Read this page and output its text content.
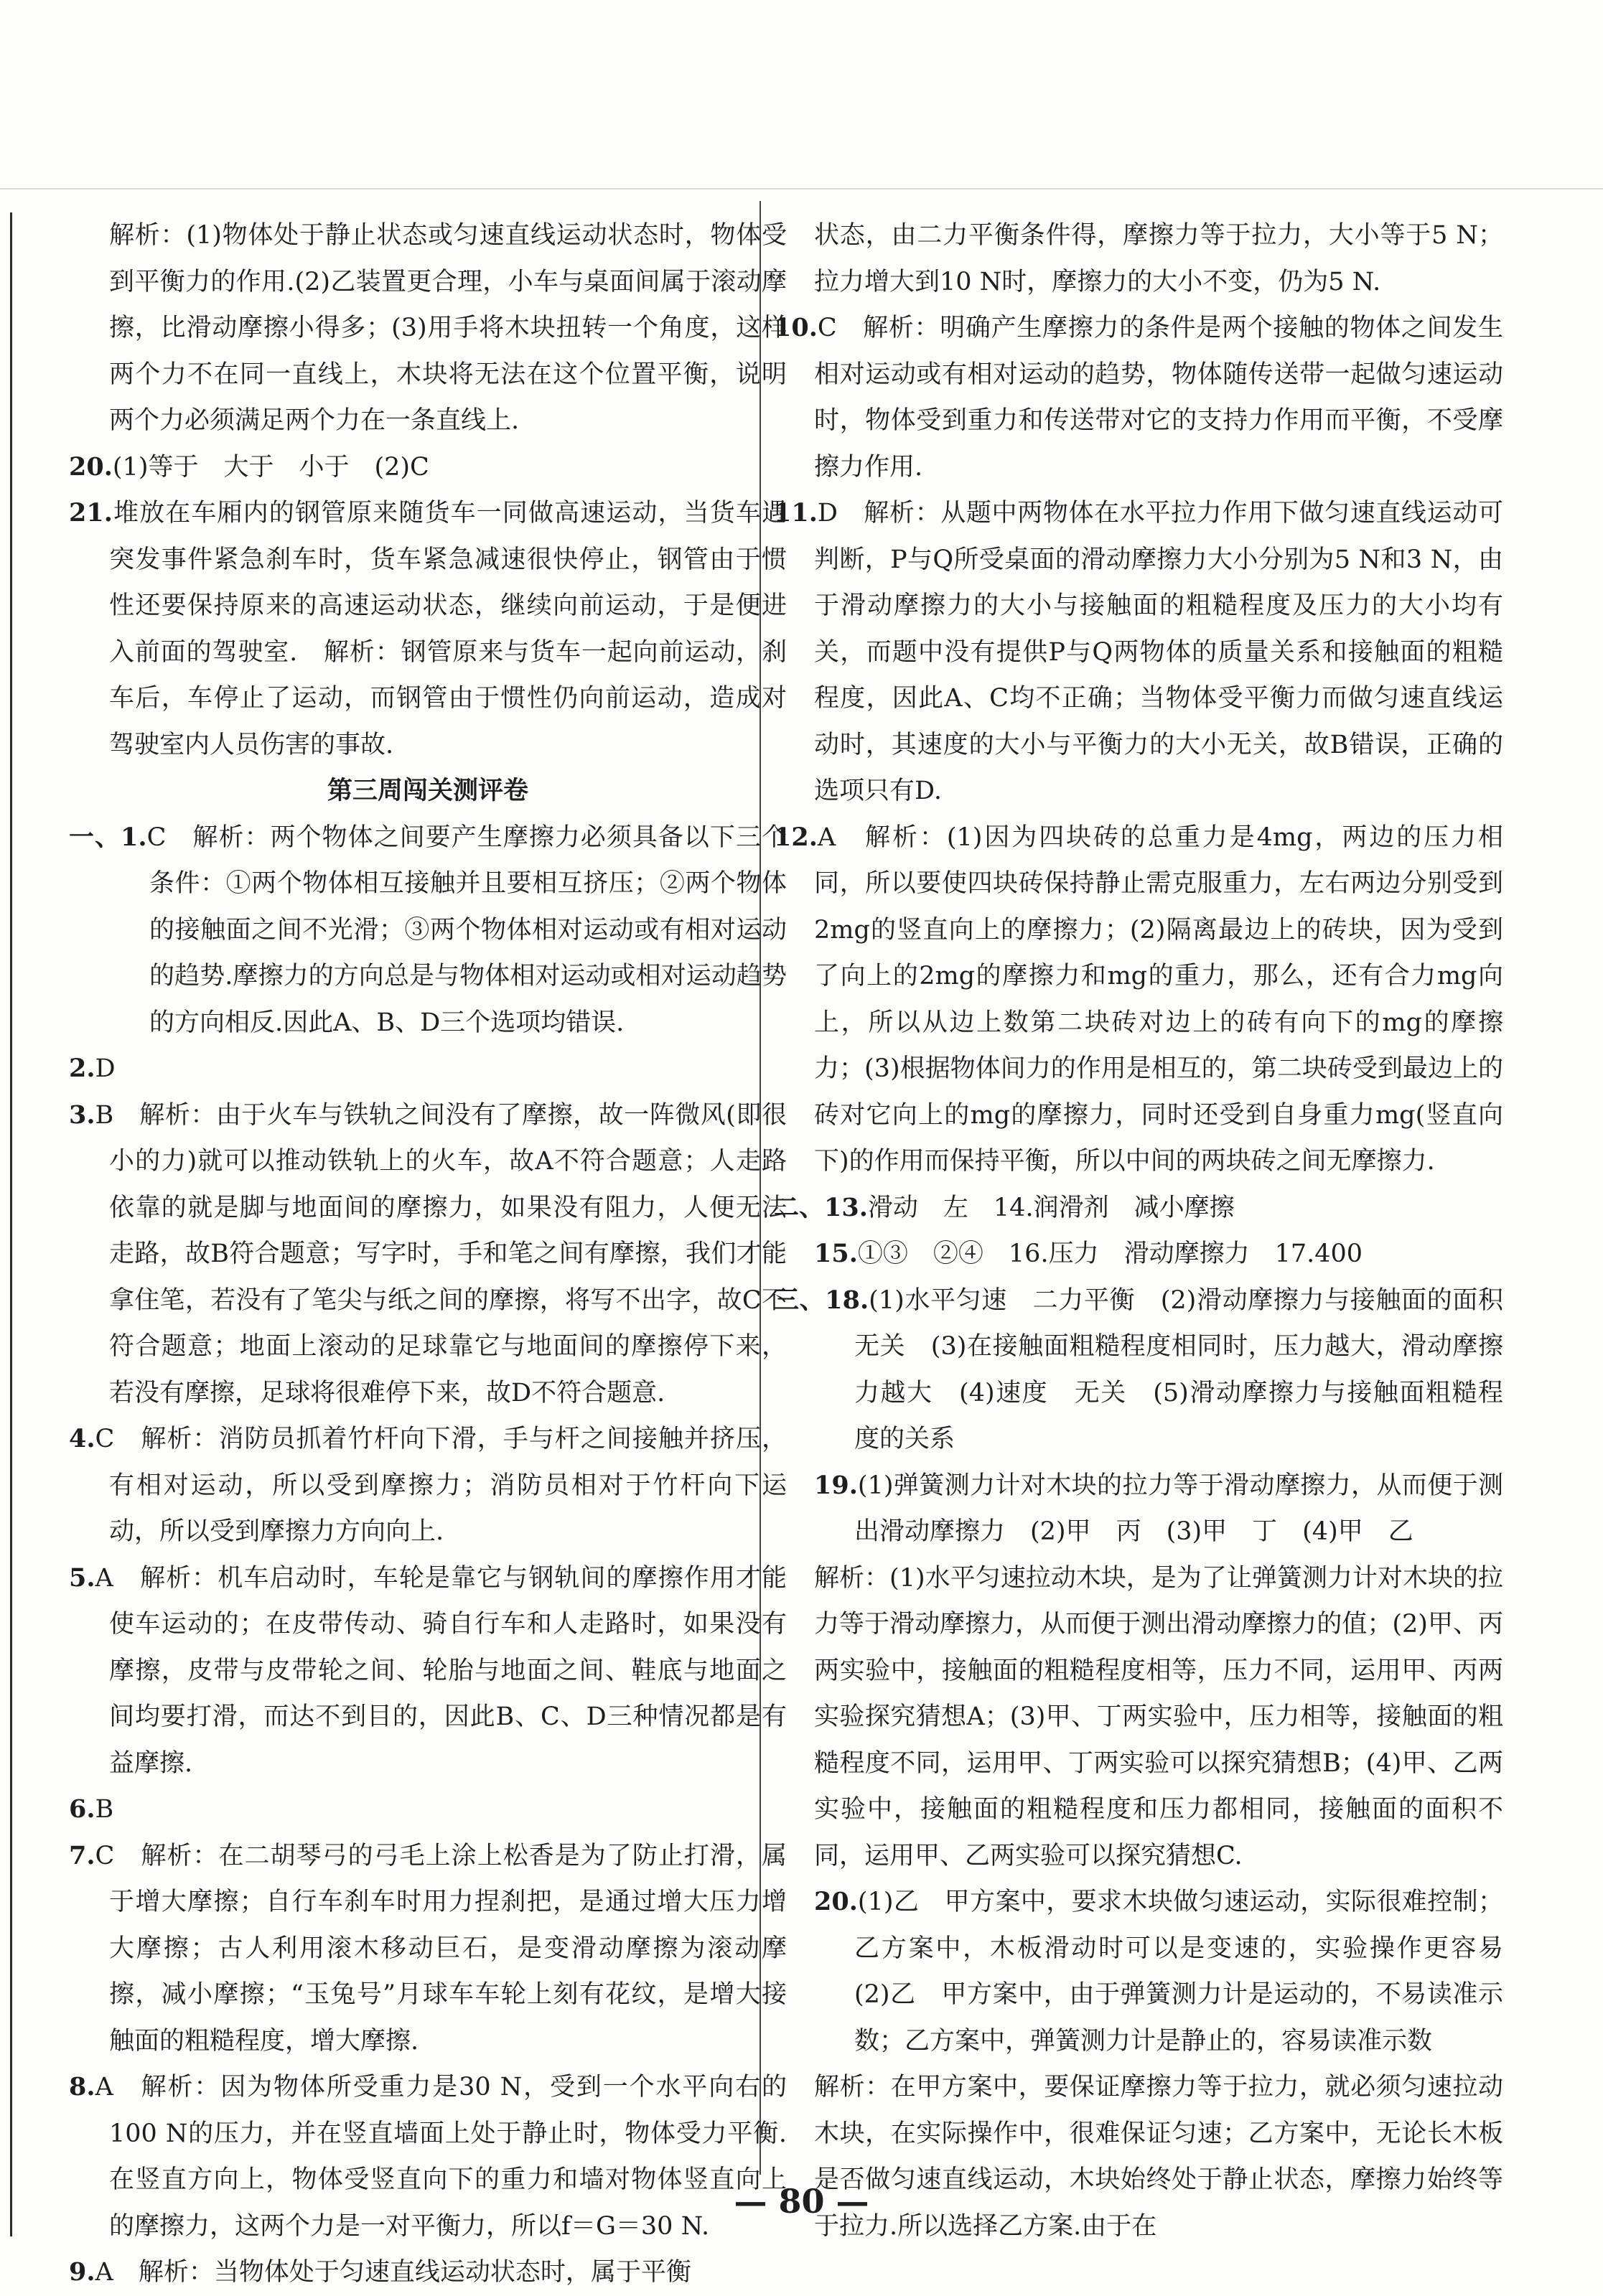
解析：(1)物体处于静止状态或匀速直线运动状态时，物体受到平衡力的作用.(2)乙装置更合理，小车与桌面间属于滚动摩擦，比滑动摩擦小得多；(3)用手将木块扭转一个角度，这样两个力不在同一直线上，木块将无法在这个位置平衡，说明两个力必须满足两个力在一条直线上.

20.(1)等于　大于　小于　(2)C

21.堆放在车厢内的钢管原来随货车一同做高速运动，当货车遇突发事件紧急刹车时，货车紧急减速很快停止，钢管由于惯性还要保持原来的高速运动状态，继续向前运动，于是便进入前面的驾驶室.　解析：钢管原来与货车一起向前运动，刹车后，车停止了运动，而钢管由于惯性仍向前运动，造成对驾驶室内人员伤害的事故.

第三周闯关测评卷

一、1.C　解析：两个物体之间要产生摩擦力必须具备以下三个条件：①两个物体相互接触并且要相互挤压；②两个物体的接触面之间不光滑；③两个物体相对运动或有相对运动的趋势.摩擦力的方向总是与物体相对运动或相对运动趋势的方向相反.因此A、B、D三个选项均错误.

2.D

3.B　解析：由于火车与铁轨之间没有了摩擦，故一阵微风(即很小的力)就可以推动铁轨上的火车，故A不符合题意；人走路依靠的就是脚与地面间的摩擦力，如果没有阻力，人便无法走路，故B符合题意；写字时，手和笔之间有摩擦，我们才能拿住笔，若没有了笔尖与纸之间的摩擦，将写不出字，故C不符合题意；地面上滚动的足球靠它与地面间的摩擦停下来，若没有摩擦，足球将很难停下来，故D不符合题意.

4.C　解析：消防员抓着竹杆向下滑，手与杆之间接触并挤压，有相对运动，所以受到摩擦力；消防员相对于竹杆向下运动，所以受到摩擦力方向向上.

5.A　解析：机车启动时，车轮是靠它与钢轨间的摩擦作用才能使车运动的；在皮带传动、骑自行车和人走路时，如果没有摩擦，皮带与皮带轮之间、轮胎与地面之间、鞋底与地面之间均要打滑，而达不到目的，因此B、C、D三种情况都是有益摩擦.

6.B

7.C　解析：在二胡琴弓的弓毛上涂上松香是为了防止打滑，属于增大摩擦；自行车刹车时用力捏刹把，是通过增大压力增大摩擦；古人利用滚木移动巨石，是变滑动摩擦为滚动摩擦，减小摩擦；“玉兔号”月球车车轮上刻有花纹，是增大接触面的粗糙程度，增大摩擦.

8.A　解析：因为物体所受重力是30 N，受到一个水平向右的100 N的压力，并在竖直墙面上处于静止时，物体受力平衡.在竖直方向上，物体受竖直向下的重力和墙对物体竖直向上的摩擦力，这两个力是一对平衡力，所以f＝G＝30 N.

9.A　解析：当物体处于匀速直线运动状态时，属于平衡

状态，由二力平衡条件得，摩擦力等于拉力，大小等于5 N；拉力增大到10 N时，摩擦力的大小不变，仍为5 N.

10.C　解析：明确产生摩擦力的条件是两个接触的物体之间发生相对运动或有相对运动的趋势，物体随传送带一起做匀速运动时，物体受到重力和传送带对它的支持力作用而平衡，不受摩擦力作用.

11.D　解析：从题中两物体在水平拉力作用下做匀速直线运动可判断，P与Q所受桌面的滑动摩擦力大小分别为5 N和3 N，由于滑动摩擦力的大小与接触面的粗糙程度及压力的大小均有关，而题中没有提供P与Q两物体的质量关系和接触面的粗糙程度，因此A、C均不正确；当物体受平衡力而做匀速直线运动时，其速度的大小与平衡力的大小无关，故B错误，正确的选项只有D.

12.A　解析：(1)因为四块砖的总重力是4mg，两边的压力相同，所以要使四块砖保持静止需克服重力，左右两边分别受到2mg的竖直向上的摩擦力；(2)隔离最边上的砖块，因为受到了向上的2mg的摩擦力和mg的重力，那么，还有合力mg向上，所以从边上数第二块砖对边上的砖有向下的mg的摩擦力；(3)根据物体间力的作用是相互的，第二块砖受到最边上的砖对它向上的mg的摩擦力，同时还受到自身重力mg(竖直向下)的作用而保持平衡，所以中间的两块砖之间无摩擦力.

二、13.滑动　左　14.润滑剂　减小摩擦

15.①③　②④　16.压力　滑动摩擦力　17.400

三、18.(1)水平匀速　二力平衡　(2)滑动摩擦力与接触面的面积无关　(3)在接触面粗糙程度相同时，压力越大，滑动摩擦力越大　(4)速度　无关　(5)滑动摩擦力与接触面粗糙程度的关系

19.(1)弹簧测力计对木块的拉力等于滑动摩擦力，从而便于测出滑动摩擦力　(2)甲　丙　(3)甲　丁　(4)甲　乙

解析：(1)水平匀速拉动木块，是为了让弹簧测力计对木块的拉力等于滑动摩擦力，从而便于测出滑动摩擦力的值；(2)甲、丙两实验中，接触面的粗糙程度相等，压力不同，运用甲、丙两实验探究猜想A；(3)甲、丁两实验中，压力相等，接触面的粗糙程度不同，运用甲、丁两实验可以探究猜想B；(4)甲、乙两实验中，接触面的粗糙程度和压力都相同，接触面的面积不同，运用甲、乙两实验可以探究猜想C.

20.(1)乙　甲方案中，要求木块做匀速运动，实际很难控制；乙方案中，木板滑动时可以是变速的，实验操作更容易　(2)乙　甲方案中，由于弹簧测力计是运动的，不易读准示数；乙方案中，弹簧测力计是静止的，容易读准示数

解析：在甲方案中，要保证摩擦力等于拉力，就必须匀速拉动木块，在实际操作中，很难保证匀速；乙方案中，无论长木板是否做匀速直线运动，木块始终处于静止状态，摩擦力始终等于拉力.所以选择乙方案.由于在

— 80 —
